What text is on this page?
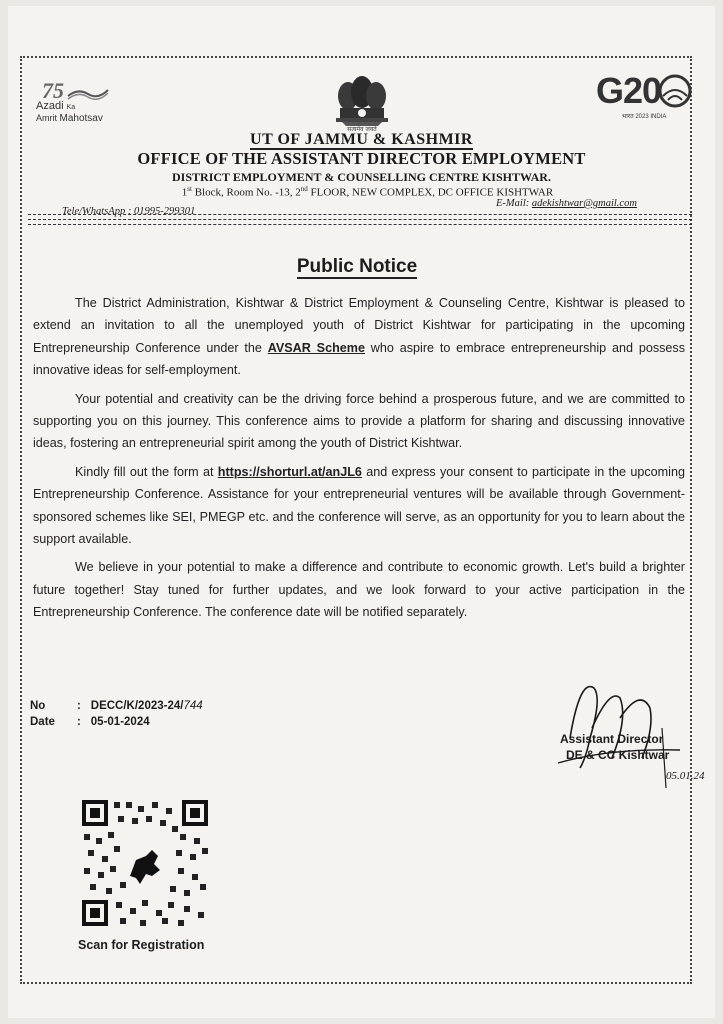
75
Azadi Ka
Amrit Mahotsav
सत्यमेव जयते
G20
भारत 2023 INDIA
UT OF JAMMU & KASHMIR
OFFICE OF THE ASSISTANT DIRECTOR EMPLOYMENT
DISTRICT EMPLOYMENT & COUNSELLING CENTRE KISHTWAR.
1st Block, Room No. -13, 2nd FLOOR, NEW COMPLEX, DC OFFICE KISHTWAR
Tele/WhatsApp : 01995-299301
E-Mail: adekishtwar@gmail.com
Public Notice

The District Administration, Kishtwar & District Employment & Counseling Centre, Kishtwar is pleased to extend an invitation to all the unemployed youth of District Kishtwar for participating in the upcoming Entrepreneurship Conference under the AVSAR Scheme who aspire to embrace entrepreneurship and possess innovative ideas for self-employment.

Your potential and creativity can be the driving force behind a prosperous future, and we are committed to supporting you on this journey. This conference aims to provide a platform for sharing and discussing innovative ideas, fostering an entrepreneurial spirit among the youth of District Kishtwar.

Kindly fill out the form at https://shorturl.at/anJL6 and express your consent to participate in the upcoming Entrepreneurship Conference. Assistance for your entrepreneurial ventures will be available through Government-sponsored schemes like SEI, PMEGP etc. and the conference will serve, as an opportunity for you to learn about the support available.

We believe in your potential to make a difference and contribute to economic growth. Let's build a brighter future together! Stay tuned for further updates, and we look forward to your active participation in the Entrepreneurship Conference. The conference date will be notified separately.

No	:	DECC/K/2023-24/744
Date	:	05-01-2024
Assistant Director
DE & CC Kishtwar
05.01.24
Scan for Registration
